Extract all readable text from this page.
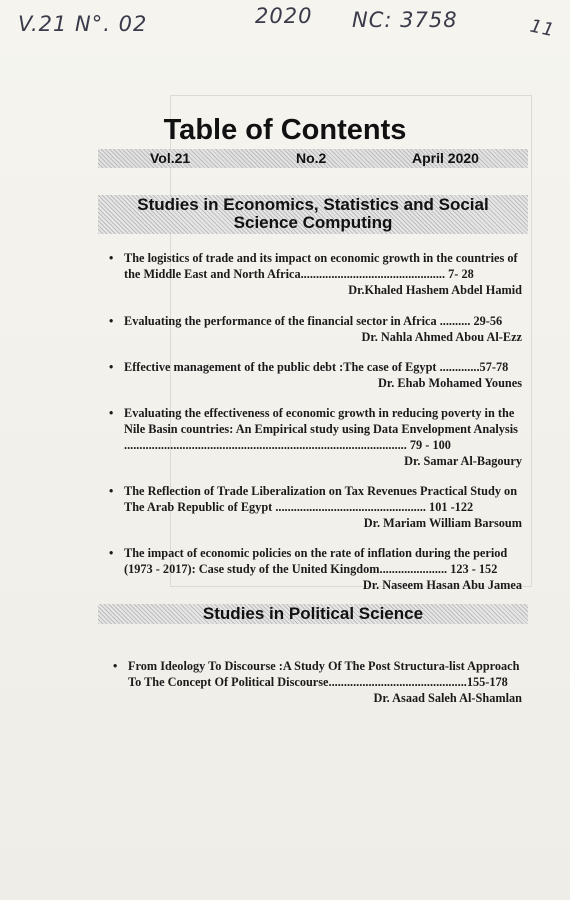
V.21 N°. 02	2020 NC: 3758	11
Table of Contents
Vol.21	No.2	April 2020
Studies in Economics, Statistics and Social
Science Computing
• The logistics of trade and its impact on economic growth in the countries of
the Middle East and North Africa............................................... 7- 28
Dr.Khaled Hashem Abdel Hamid
• Evaluating the performance of the financial sector in Africa .......... 29-56
Dr. Nahla Ahmed Abou Al-Ezz
• Effective management of the public debt :The case of Egypt .............57-78
Dr. Ehab Mohamed Younes
• Evaluating the effectiveness of economic growth in reducing poverty in the
Nile Basin countries: An Empirical study using Data Envelopment Analysis
............................................................................................ 79 - 100
Dr. Samar Al-Bagoury
• The Reflection of Trade Liberalization on Tax Revenues Practical Study on
The Arab Republic of Egypt ................................................. 101 -122
Dr. Mariam William Barsoum
• The impact of economic policies on the rate of inflation during the period
(1973 - 2017): Case study of the United Kingdom...................... 123 - 152
Dr. Naseem Hasan Abu Jamea
Studies in Political Science
• From Ideology To Discourse :A Study Of The Post Structura-list Approach
To The Concept Of Political Discourse.............................................155-178
Dr. Asaad Saleh Al-Shamlan
